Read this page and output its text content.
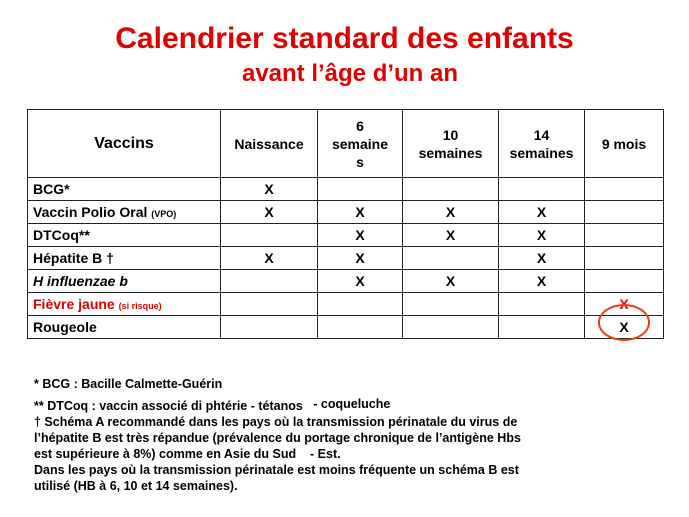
Calendrier standard des enfants
avant l’âge d’un an
Vaccins	Naissance	6 semaine s	10 semaines	14 semaines	9 mois
BCG*	X				
Vaccin Polio Oral (VPO)	X	X	X	X	
DTCoq**		X	X	X	
Hépatite B †	X	X		X	
H influenzae b		X	X	X	
Fièvre jaune (si risque)					X
Rougeole					X

* BCG : Bacille Calmette-Guérin

** DTCoq : vaccin associé di phtérie - tétanos - coqueluche

† Schéma A recommandé dans les pays où la transmission périnatale du virus de

l’hépatite B est très répandue (prévalence du portage chronique de l’antigène Hbs

est supérieure à 8%) comme en Asie du Sud    - Est.

Dans les pays où la transmission périnatale est moins fréquente un schéma B est

utilisé (HB à 6, 10 et 14 semaines).
